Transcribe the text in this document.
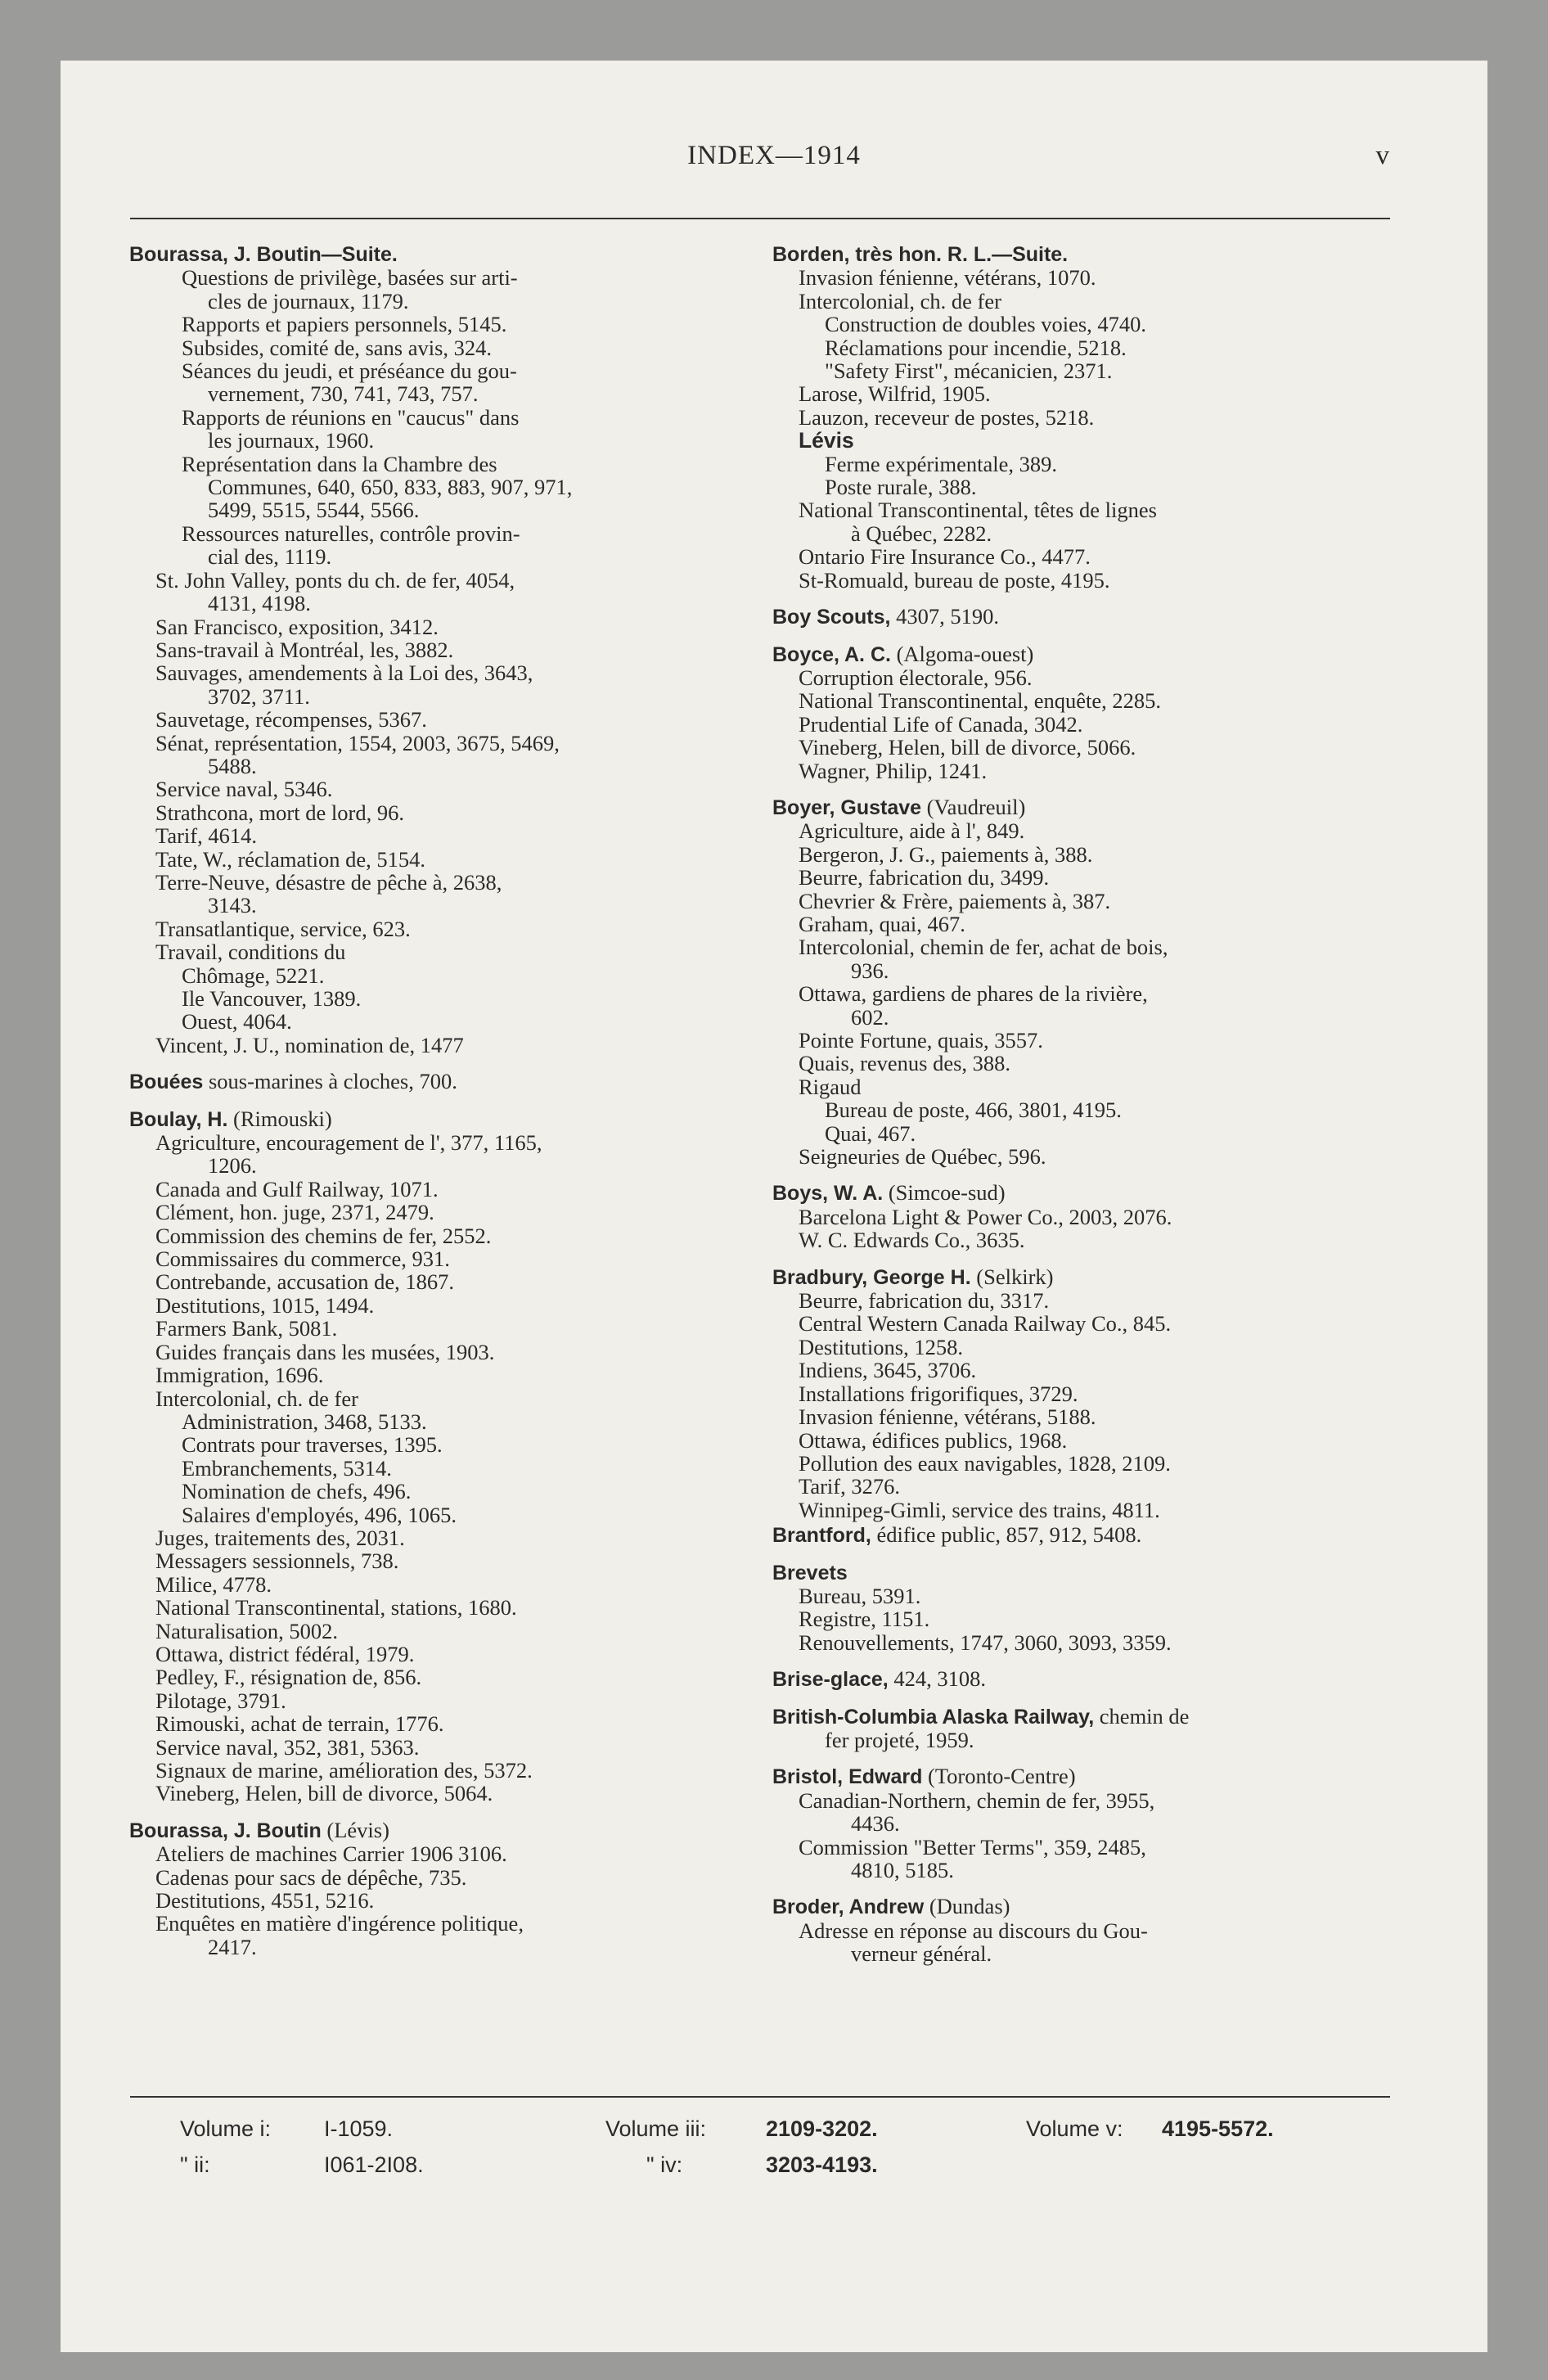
INDEX—1914	v
Bourassa, J. Boutin—Suite.
Questions de privilège, basées sur arti-
cles de journaux, 1179.
Rapports et papiers personnels, 5145.
Subsides, comité de, sans avis, 324.
Séances du jeudi, et préséance du gou-
vernement, 730, 741, 743, 757.
Rapports de réunions en "caucus" dans
les journaux, 1960.
Représentation dans la Chambre des
Communes, 640, 650, 833, 883, 907, 971,
5499, 5515, 5544, 5566.
Ressources naturelles, contrôle provin-
cial des, 1119.
St. John Valley, ponts du ch. de fer, 4054,
4131, 4198.
San Francisco, exposition, 3412.
Sans-travail à Montréal, les, 3882.
Sauvages, amendements à la Loi des, 3643,
3702, 3711.
Sauvetage, récompenses, 5367.
Sénat, représentation, 1554, 2003, 3675, 5469,
5488.
Service naval, 5346.
Strathcona, mort de lord, 96.
Tarif, 4614.
Tate, W., réclamation de, 5154.
Terre-Neuve, désastre de pêche à, 2638,
3143.
Transatlantique, service, 623.
Travail, conditions du
Chômage, 5221.
Ile Vancouver, 1389.
Ouest, 4064.
Vincent, J. U., nomination de, 1477
Bouées sous-marines à cloches, 700.
Boulay, H. (Rimouski)
Agriculture, encouragement de l', 377, 1165,
1206.
Canada and Gulf Railway, 1071.
Clément, hon. juge, 2371, 2479.
Commission des chemins de fer, 2552.
Commissaires du commerce, 931.
Contrebande, accusation de, 1867.
Destitutions, 1015, 1494.
Farmers Bank, 5081.
Guides français dans les musées, 1903.
Immigration, 1696.
Intercolonial, ch. de fer
Administration, 3468, 5133.
Contrats pour traverses, 1395.
Embranchements, 5314.
Nomination de chefs, 496.
Salaires d'employés, 496, 1065.
Juges, traitements des, 2031.
Messagers sessionnels, 738.
Milice, 4778.
National Transcontinental, stations, 1680.
Naturalisation, 5002.
Ottawa, district fédéral, 1979.
Pedley, F., résignation de, 856.
Pilotage, 3791.
Rimouski, achat de terrain, 1776.
Service naval, 352, 381, 5363.
Signaux de marine, amélioration des, 5372.
Vineberg, Helen, bill de divorce, 5064.
Bourassa, J. Boutin (Lévis)
Ateliers de machines Carrier 1906 3106.
Cadenas pour sacs de dépêche, 735.
Destitutions, 4551, 5216.
Enquêtes en matière d'ingérence politique,
2417.
Borden, très hon. R. L.—Suite.
Invasion fénienne, vétérans, 1070.
Intercolonial, ch. de fer
Construction de doubles voies, 4740.
Réclamations pour incendie, 5218.
"Safety First", mécanicien, 2371.
Larose, Wilfrid, 1905.
Lauzon, receveur de postes, 5218.
Lévis
Ferme expérimentale, 389.
Poste rurale, 388.
National Transcontinental, têtes de lignes
à Québec, 2282.
Ontario Fire Insurance Co., 4477.
St-Romuald, bureau de poste, 4195.
Boy Scouts, 4307, 5190.
Boyce, A. C. (Algoma-ouest)
Corruption électorale, 956.
National Transcontinental, enquête, 2285.
Prudential Life of Canada, 3042.
Vineberg, Helen, bill de divorce, 5066.
Wagner, Philip, 1241.
Boyer, Gustave (Vaudreuil)
Agriculture, aide à l', 849.
Bergeron, J. G., paiements à, 388.
Beurre, fabrication du, 3499.
Chevrier & Frère, paiements à, 387.
Graham, quai, 467.
Intercolonial, chemin de fer, achat de bois,
936.
Ottawa, gardiens de phares de la rivière,
602.
Pointe Fortune, quais, 3557.
Quais, revenus des, 388.
Rigaud
Bureau de poste, 466, 3801, 4195.
Quai, 467.
Seigneuries de Québec, 596.
Boys, W. A. (Simcoe-sud)
Barcelona Light & Power Co., 2003, 2076.
W. C. Edwards Co., 3635.
Bradbury, George H. (Selkirk)
Beurre, fabrication du, 3317.
Central Western Canada Railway Co., 845.
Destitutions, 1258.
Indiens, 3645, 3706.
Installations frigorifiques, 3729.
Invasion fénienne, vétérans, 5188.
Ottawa, édifices publics, 1968.
Pollution des eaux navigables, 1828, 2109.
Tarif, 3276.
Winnipeg-Gimli, service des trains, 4811.
Brantford, édifice public, 857, 912, 5408.
Brevets
Bureau, 5391.
Registre, 1151.
Renouvellements, 1747, 3060, 3093, 3359.
Brise-glace, 424, 3108.
British-Columbia Alaska Railway, chemin de
fer projeté, 1959.
Bristol, Edward (Toronto-Centre)
Canadian-Northern, chemin de fer, 3955,
4436.
Commission "Better Terms", 359, 2485,
4810, 5185.
Broder, Andrew (Dundas)
Adresse en réponse au discours du Gou-
verneur général.
Volume i: I-1059.
" ii:	I061-2I08.
Volume iii:	2109-3202.
" iv:	3203-4193.
Volume v: 4195-5572.
